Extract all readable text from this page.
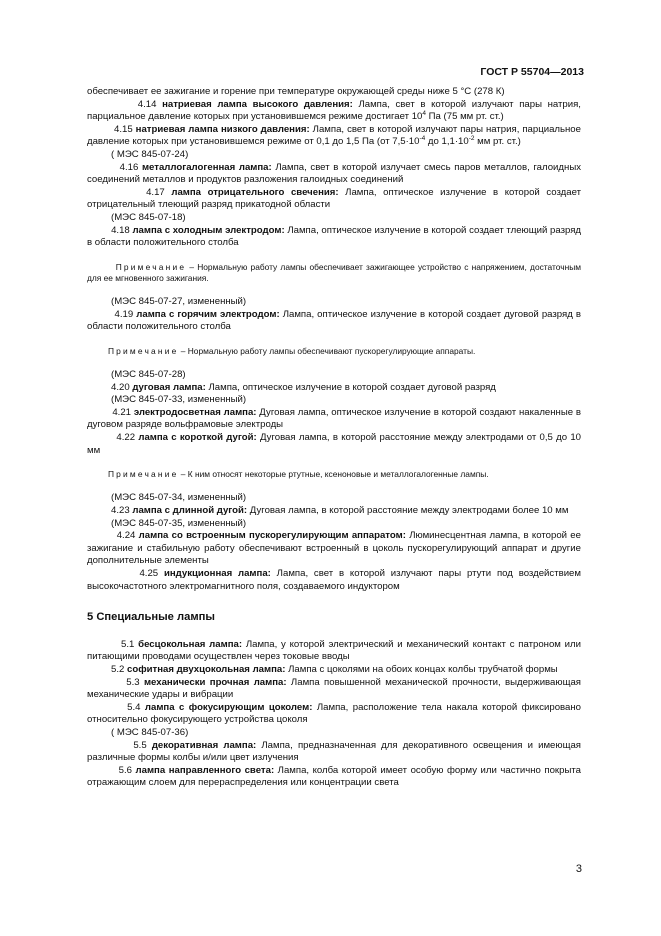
ГОСТ Р 55704—2013

обеспечивает ее зажигание и горение при температуре окружающей среды ниже 5 °С (278 К)

4.14 натриевая лампа высокого давления: Лампа, свет в которой излучают пары натрия, парциальное давление которых при установившемся режиме достигает $10^4$ Па (75 мм рт. ст.)

4.15 натриевая лампа низкого давления: Лампа, свет в которой излучают пары натрия, парциальное давление которых при установившемся режиме от 0,1 до 1,5 Па (от $7,5\cdot 10^{-4}$ до $1,1\cdot 10^{-2}$ мм рт. ст.)

( МЭС 845-07-24)

4.16 металлогалогенная лампа: Лампа, свет в которой излучает смесь паров металлов, галоидных соединений металлов и продуктов разложения галоидных соединений

4.17 лампа отрицательного свечения: Лампа, оптическое излучение в которой создает отрицательный тлеющий разряд прикатодной области

(МЭС 845-07-18)

4.18 лампа с холодным электродом: Лампа, оптическое излучение в которой создает тлеющий разряд в области положительного столба

Примечание – Нормальную работу лампы обеспечивает зажигающее устройство с напряжением, достаточным для ее мгновенного зажигания.

(МЭС 845-07-27, измененный)

4.19 лампа с горячим электродом: Лампа, оптическое излучение в которой создает дуговой разряд в области положительного столба

Примечание – Нормальную работу лампы обеспечивают пускорегулирующие аппараты.

(МЭС 845-07-28)

4.20 дуговая лампа: Лампа, оптическое излучение в которой создает дуговой разряд

(МЭС 845-07-33, измененный)

4.21 электродосветная лампа: Дуговая лампа, оптическое излучение в которой создают накаленные в дуговом разряде вольфрамовые электроды

4.22 лампа с короткой дугой: Дуговая лампа, в которой расстояние между электродами от 0,5 до 10 мм

Примечание – К ним относят некоторые ртутные, ксеноновые и металлогалогенные лампы.

(МЭС 845-07-34, измененный)

4.23 лампа с длинной дугой: Дуговая лампа, в которой расстояние между электродами более 10 мм

(МЭС 845-07-35, измененный)

4.24 лампа со встроенным пускорегулирующим аппаратом: Люминесцентная лампа, в которой ее зажигание и стабильную работу обеспечивают встроенный в цоколь пускорегулирующий аппарат и другие дополнительные элементы

4.25 индукционная лампа: Лампа, свет в которой излучают пары ртути под воздействием высокочастотного электромагнитного поля, создаваемого индуктором

5 Специальные лампы

5.1 бесцокольная лампа: Лампа, у которой электрический и механический контакт с патроном или питающими проводами осуществлен через токовые вводы

5.2 софитная двухцокольная лампа: Лампа с цоколями на обоих концах колбы трубчатой формы

5.3 механически прочная лампа: Лампа повышенной механической прочности, выдерживающая механические удары и вибрации

5.4 лампа с фокусирующим цоколем: Лампа, расположение тела накала которой фиксировано относительно фокусирующего устройства цоколя

( МЭС 845-07-36)

5.5 декоративная лампа: Лампа, предназначенная для декоративного освещения и имеющая различные формы колбы и/или цвет излучения

5.6 лампа направленного света: Лампа, колба которой имеет особую форму или частично покрыта отражающим слоем для перераспределения или концентрации света

3
